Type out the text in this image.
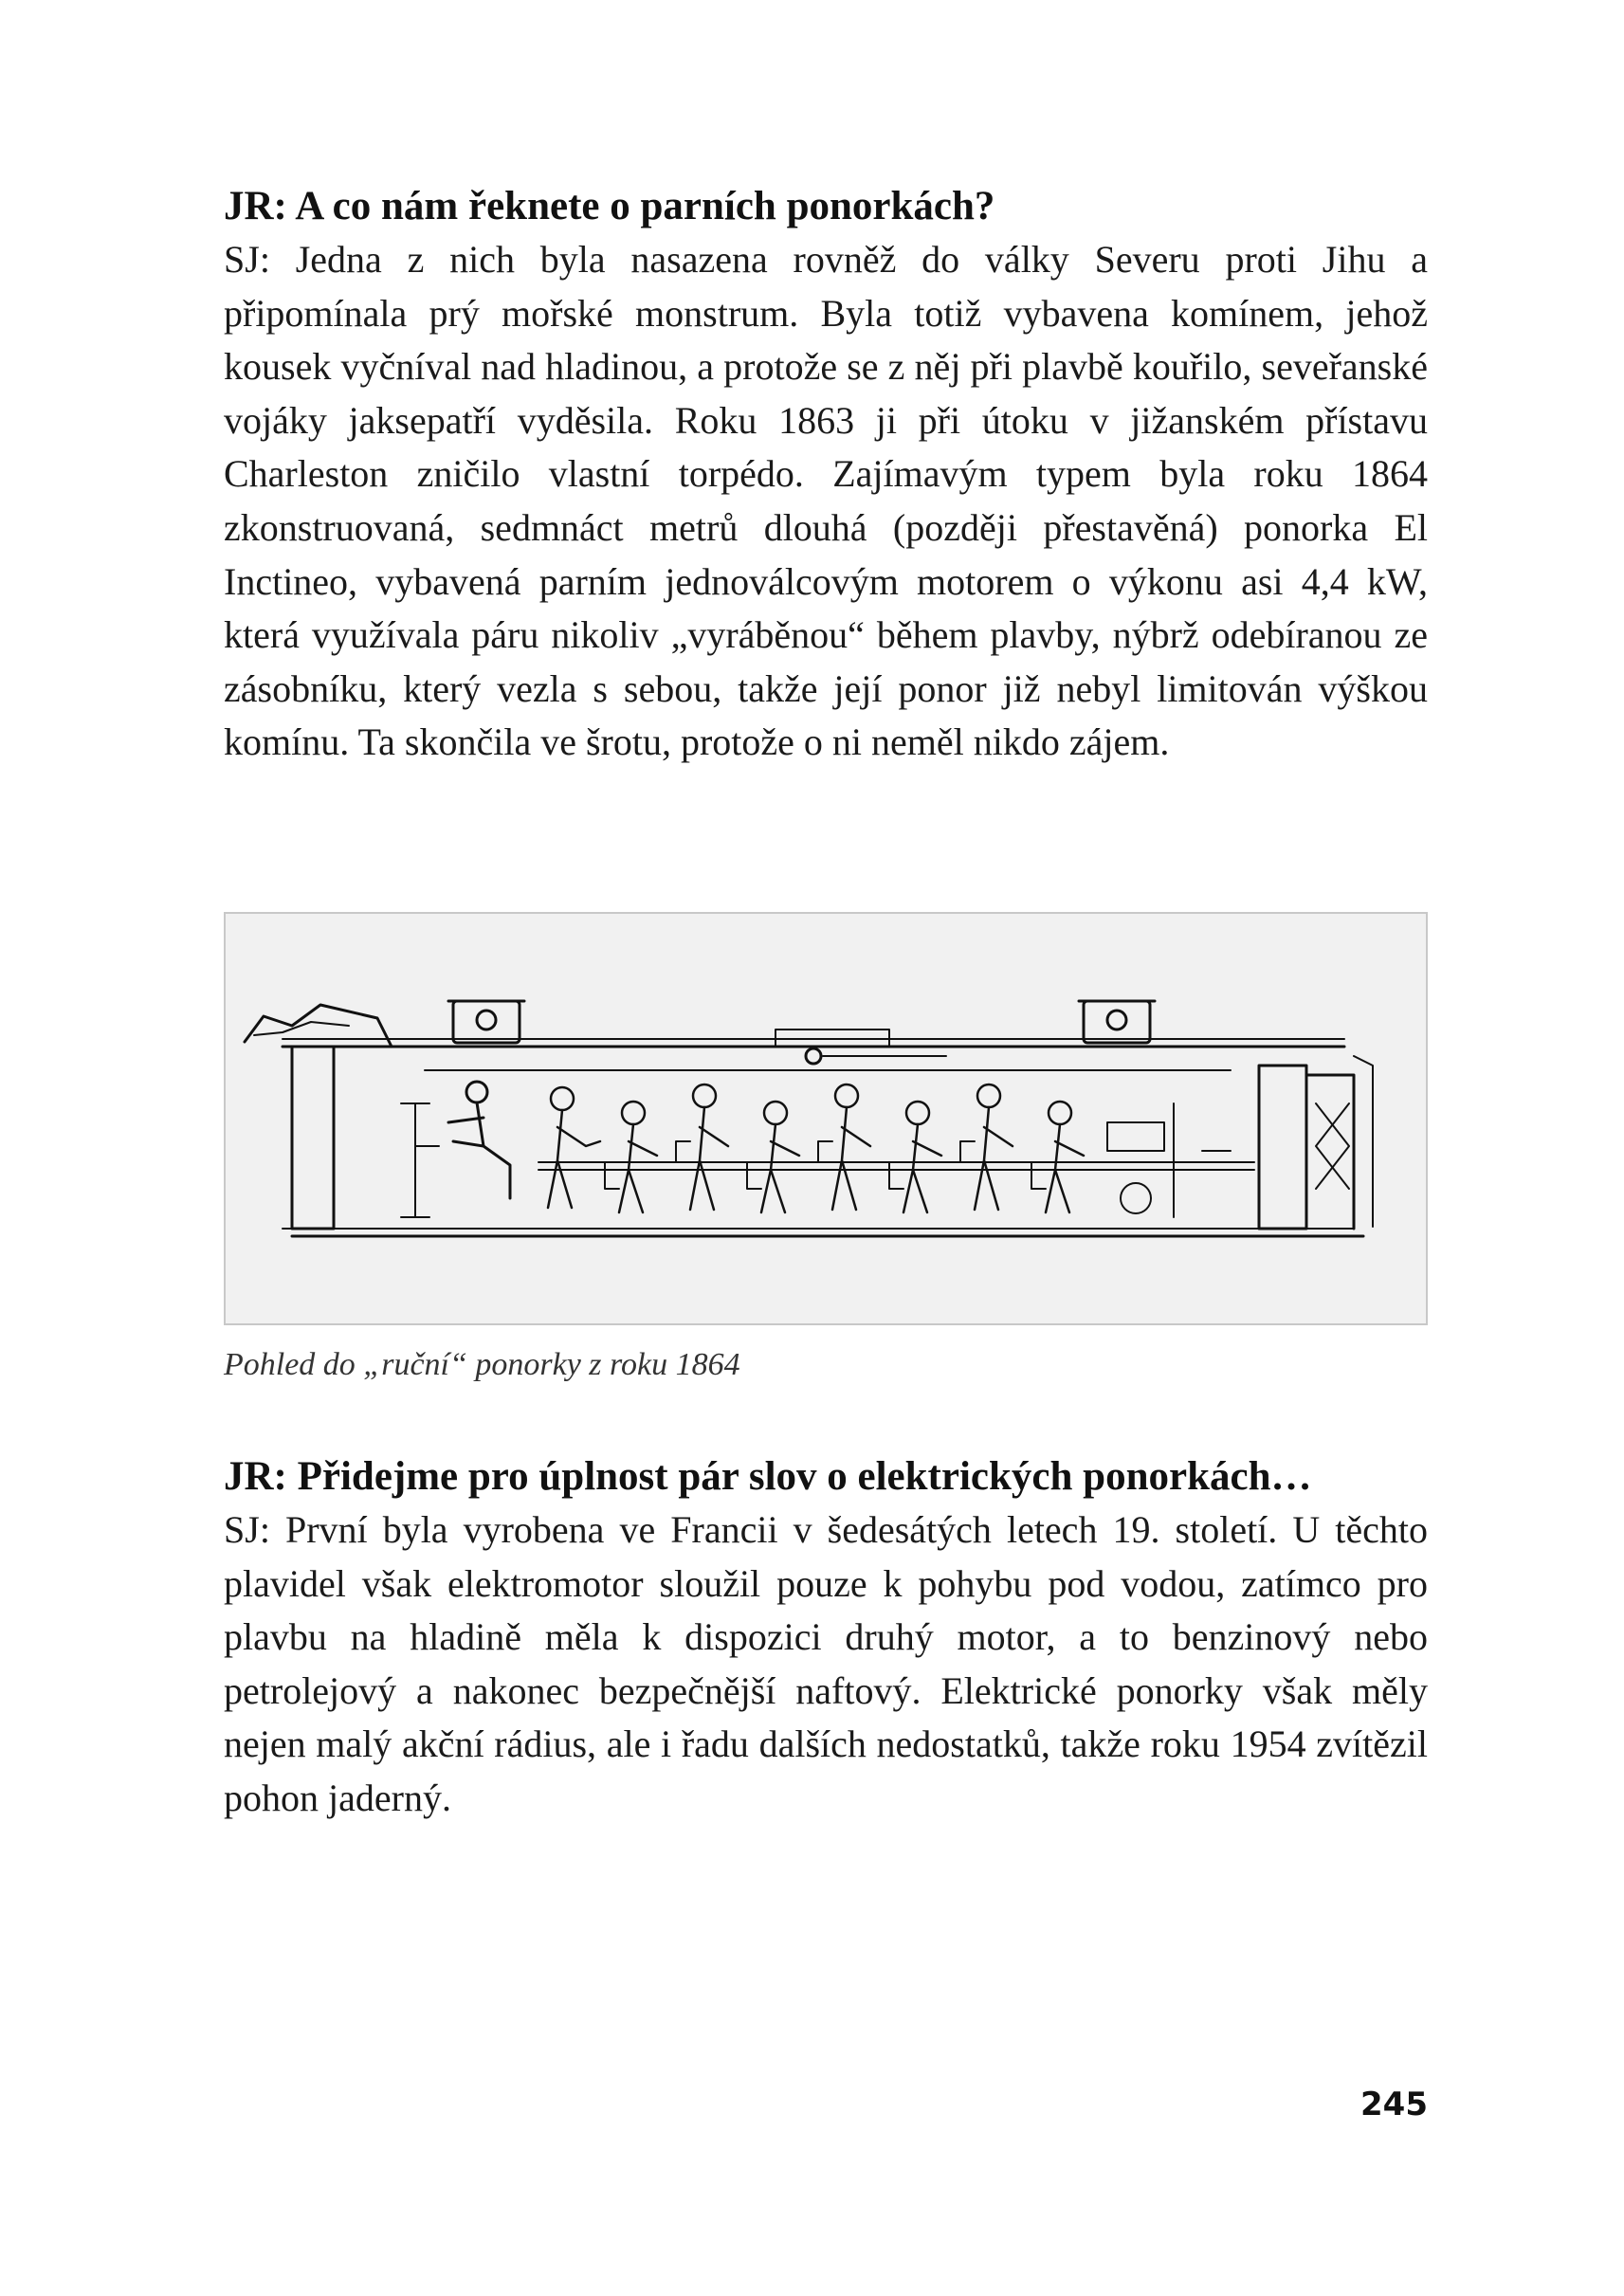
JR: A co nám řeknete o parních ponorkách?

SJ: Jedna z nich byla nasazena rovněž do války Severu proti Jihu a připomínala prý mořské monstrum. Byla totiž vybavena komínem, jehož kousek vyčníval nad hladinou, a protože se z něj při plavbě kouřilo, seveřanské vojáky jaksepatří vyděsila. Roku 1863 ji při útoku v jižanském přístavu Charleston zničilo vlastní torpédo. Zajímavým typem byla roku 1864 zkonstruovaná, sedmnáct metrů dlouhá (později přestavěná) ponorka El Inctineo, vybavená parním jednoválcovým motorem o výkonu asi 4,4 kW, která využívala páru nikoliv „vyráběnou“ během plavby, nýbrž odebíranou ze zásobníku, který vezla s sebou, takže její ponor již nebyl limitován výškou komínu. Ta skončila ve šrotu, protože o ni neměl nikdo zájem.

Pohled do „ruční“ ponorky z roku 1864

JR: Přidejme pro úplnost pár slov o elektrických ponorkách…

SJ: První byla vyrobena ve Francii v šedesátých letech 19. století. U těchto plavidel však elektromotor sloužil pouze k pohybu pod vodou, zatímco pro plavbu na hladině měla k dispozici druhý motor, a to benzinový nebo petrolejový a nakonec bezpečnější naftový. Elektrické ponorky však měly nejen malý akční rádius, ale i řadu dalších nedostatků, takže roku 1954 zvítězil pohon jaderný.

245
